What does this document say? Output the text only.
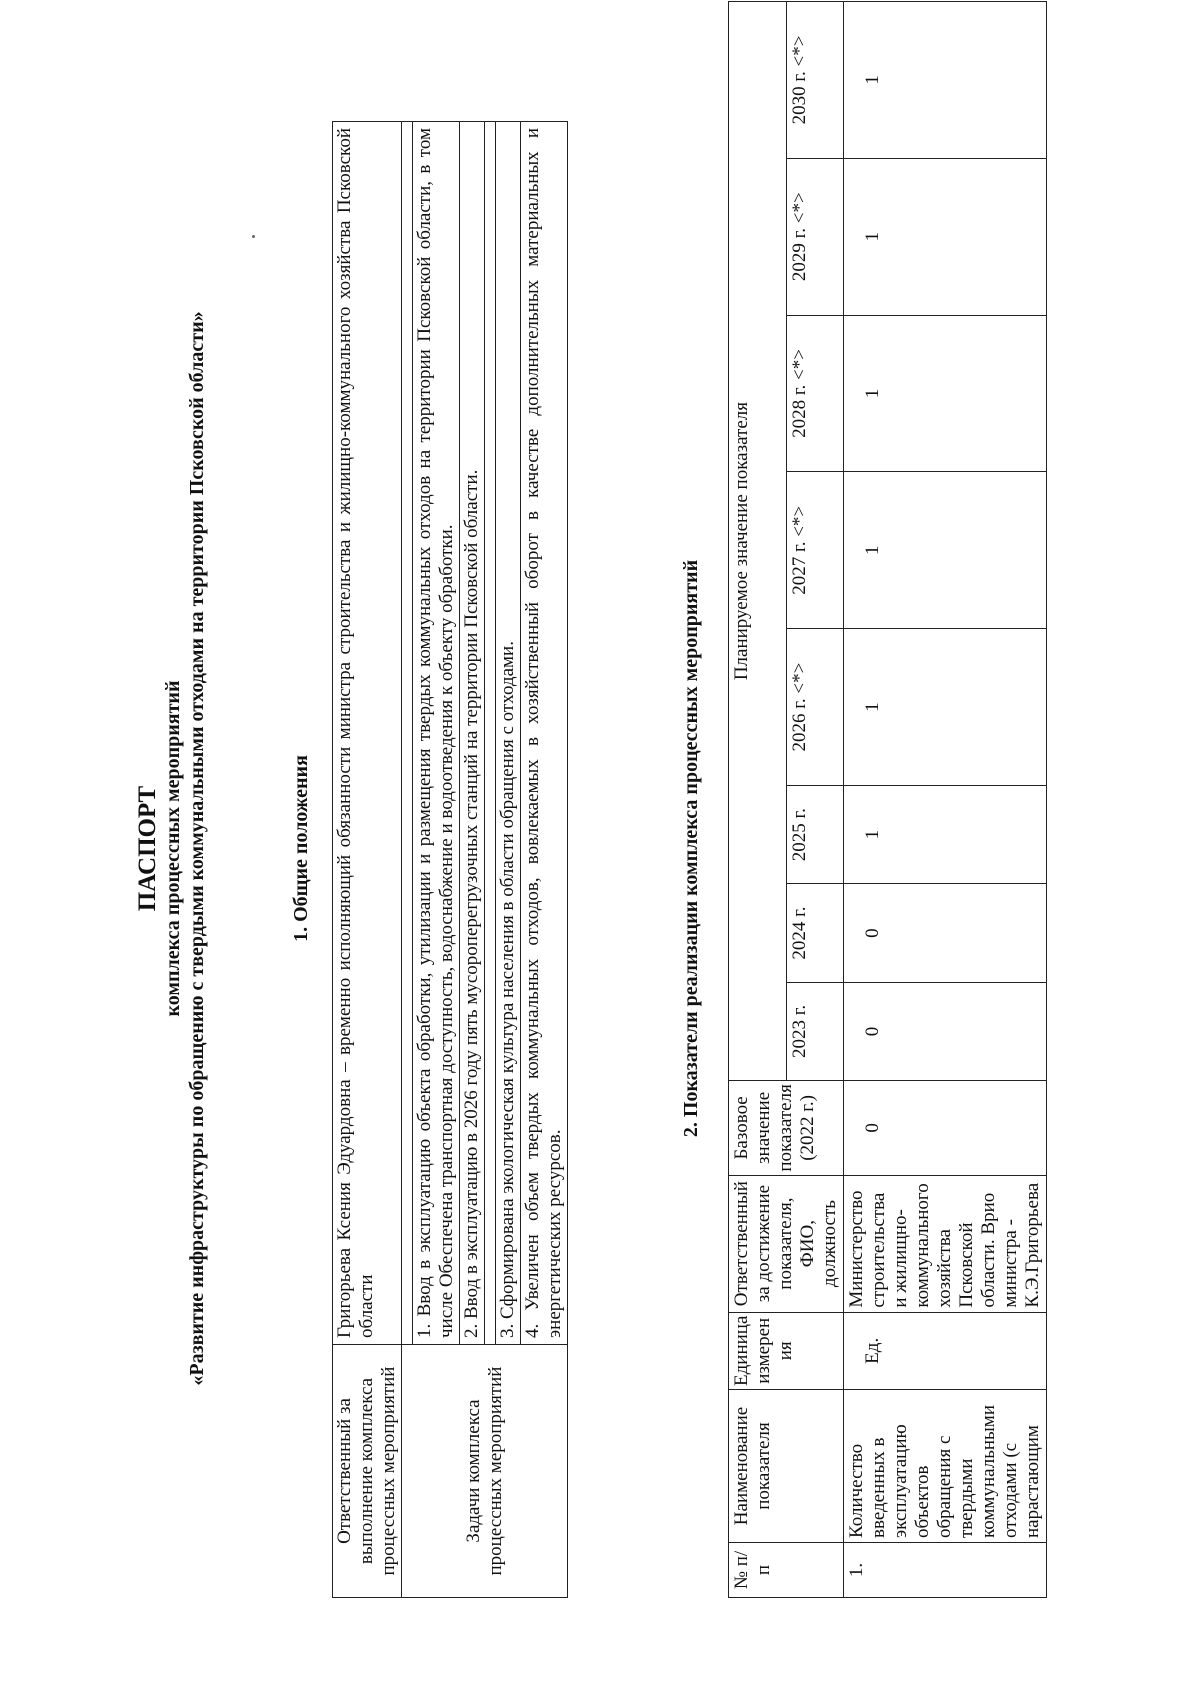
ПАСПОРТ комплекса процессных мероприятий «Развитие инфраструктуры по обращению с твердыми коммунальными отходами на территории Псковской области»	1. Общие положения
Ответственный за выполнение комплекса процессных мероприятий	Григорьева Ксения Эдуардовна – временно исполняющий обязанности министра строительства и жилищно-коммунального хозяйства Псковской области
Задачи комплекса процессных мероприятий	
	1. Ввод в эксплуатацию объекта обработки, утилизации и размещения твердых коммунальных отходов на территории Псковской области, в том числе Обеспечена транспортная доступность, водоснабжение и водоотведения к объекту обработки.
	2. Ввод в эксплуатацию в 2026 году пять мусороперегрузочных станций на территории Псковской области.

	3. Сформирована экологическая культура населения в области обращения с отходами.
	4. Увеличен объем твердых коммунальных отходов, вовлекаемых в хозяйственный оборот в качестве дополнительных материальных и энергетических ресурсов.
2. Показатели реализации комплекса процессных мероприятий
№ п/п	Наименование показателя	Единица измерен ия	Ответственный за достижение показателя, ФИО, должность	Базовое значение показателя (2022 г.)	Планируемое значение показателя							
					2023 г.	2024 г.	2025 г.	2026 г. <*>	2027 г. <*>	2028 г. <*>	2029 г. <*>	2030 г. <*>
1.	Количество введенных в эксплуатацию объектов обращения с твердыми коммунальными отходами (с нарастающим	Ед.	Министерство строительства и жилищно-коммунального хозяйства Псковской области. Врио министра - К.Э.Григорьева	0	0	0	1	1	1	1	1	1
